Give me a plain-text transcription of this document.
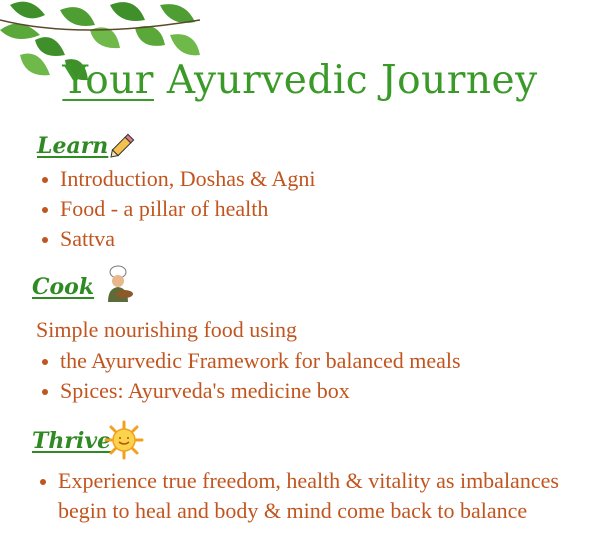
Your Ayurvedic Journey
Learn
Introduction, Doshas & Agni
Food - a pillar of health
Sattva
Cook
Simple nourishing food using
the Ayurvedic Framework for balanced meals
Spices: Ayurveda's medicine box
Thrive
Experience true freedom, health & vitality as imbalances begin to heal and body & mind come back to balance
